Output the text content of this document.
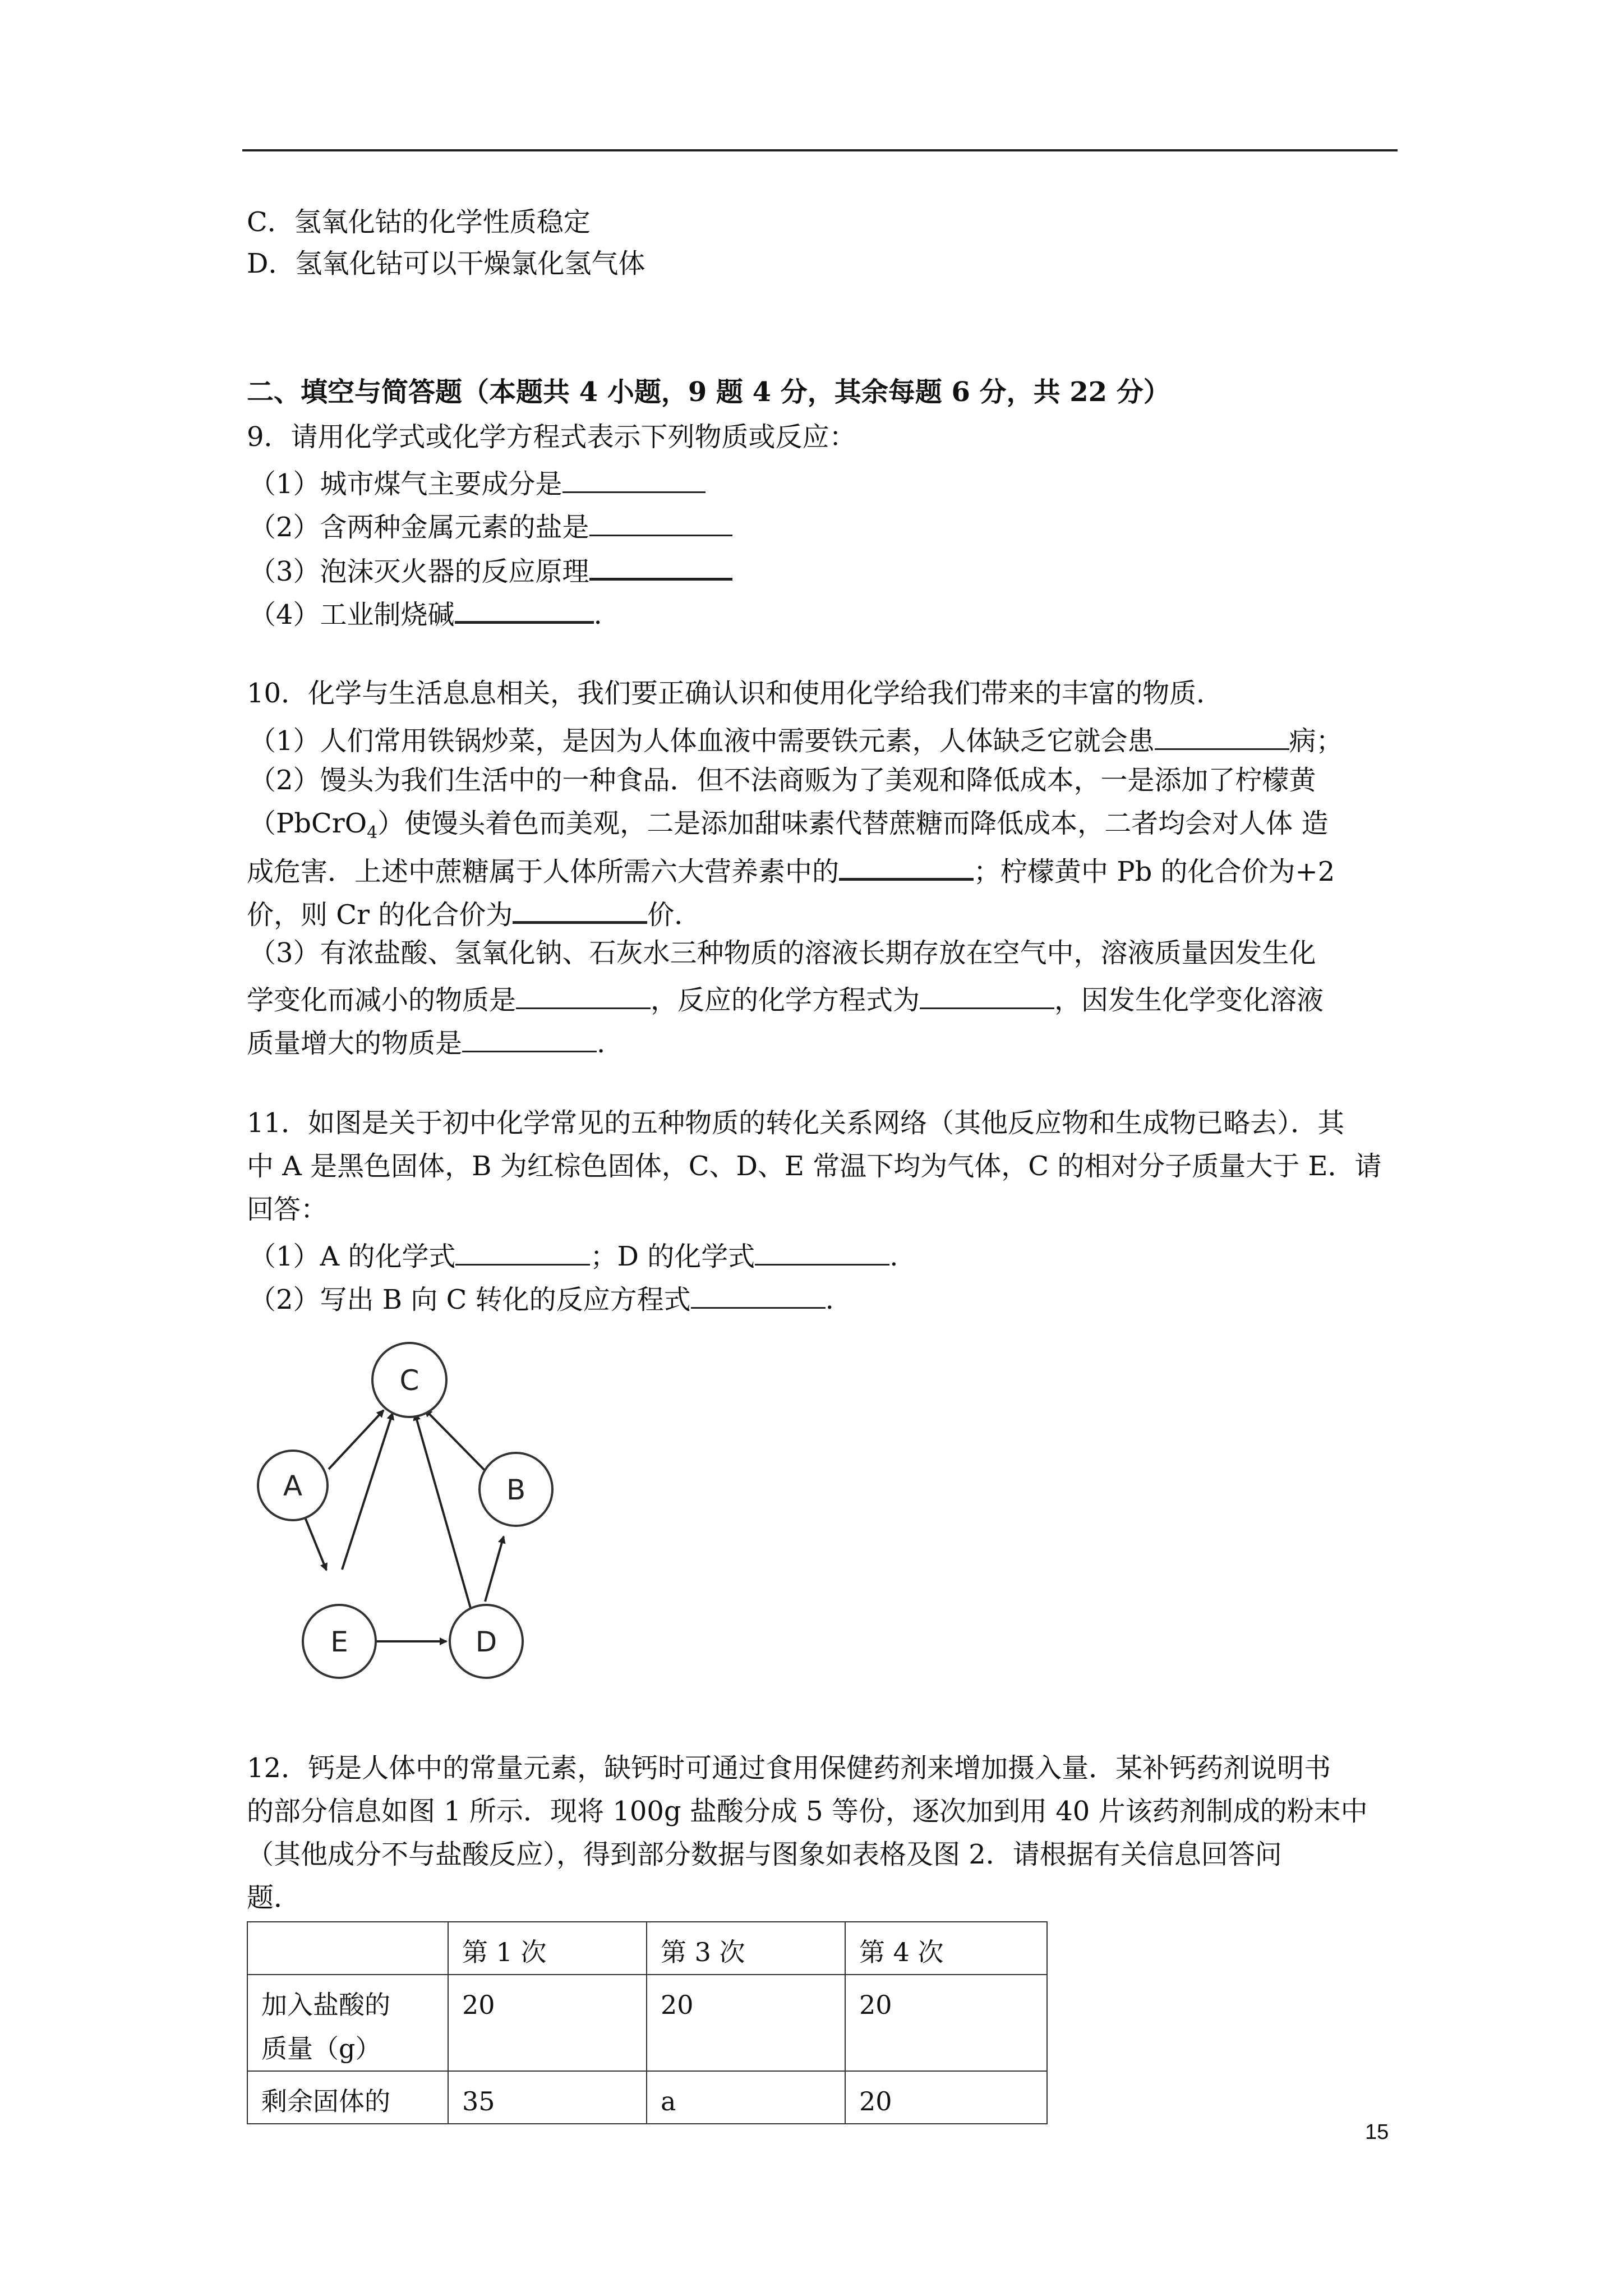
C．氢氧化钴的化学性质稳定
D．氢氧化钴可以干燥氯化氢气体
二、填空与简答题（本题共 4 小题，9 题 4 分，其余每题 6 分，共 22 分）
9．请用化学式或化学方程式表示下列物质或反应：
（1）城市煤气主要成分是
（2）含两种金属元素的盐是
（3）泡沫灭火器的反应原理
（4）工业制烧碱	.
10．化学与生活息息相关，我们要正确认识和使用化学给我们带来的丰富的物质．
（1）人们常用铁锅炒菜，是因为人体血液中需要铁元素，人体缺乏它就会患	病；
（2）馒头为我们生活中的一种食品．但不法商贩为了美观和降低成本，一是添加了柠檬黄
（PbCrO$_4$）使馒头着色而美观，二是添加甜味素代替蔗糖而降低成本，二者均会对人体 造
成危害．上述中蔗糖属于人体所需六大营养素中的	；柠檬黄中 Pb 的化合价为+2
价，则 Cr 的化合价为	价．
（3）有浓盐酸、氢氧化钠、石灰水三种物质的溶液长期存放在空气中，溶液质量因发生化
学变化而减小的物质是	，反应的化学方程式为	，因发生化学变化溶液
质量增大的物质是	.
11．如图是关于初中化学常见的五种物质的转化关系网络（其他反应物和生成物已略去）．其
中 A 是黑色固体，B 为红棕色固体，C、D、E 常温下均为气体，C 的相对分子质量大于 E．请
回答：
（1）A 的化学式	；D 的化学式	.
（2）写出 B 向 C 转化的反应方程式	.
C
A	B
E	D
12．钙是人体中的常量元素，缺钙时可通过食用保健药剂来增加摄入量．某补钙药剂说明书
的部分信息如图 1 所示．现将 100g 盐酸分成 5 等份，逐次加到用 40 片该药剂制成的粉末中
（其他成分不与盐酸反应），得到部分数据与图象如表格及图 2．请根据有关信息回答问
题．
	第 1 次	第 3 次	第 4 次
加入盐酸的
质量（g）	20	20	20
剩余固体的	35	a	20
15
